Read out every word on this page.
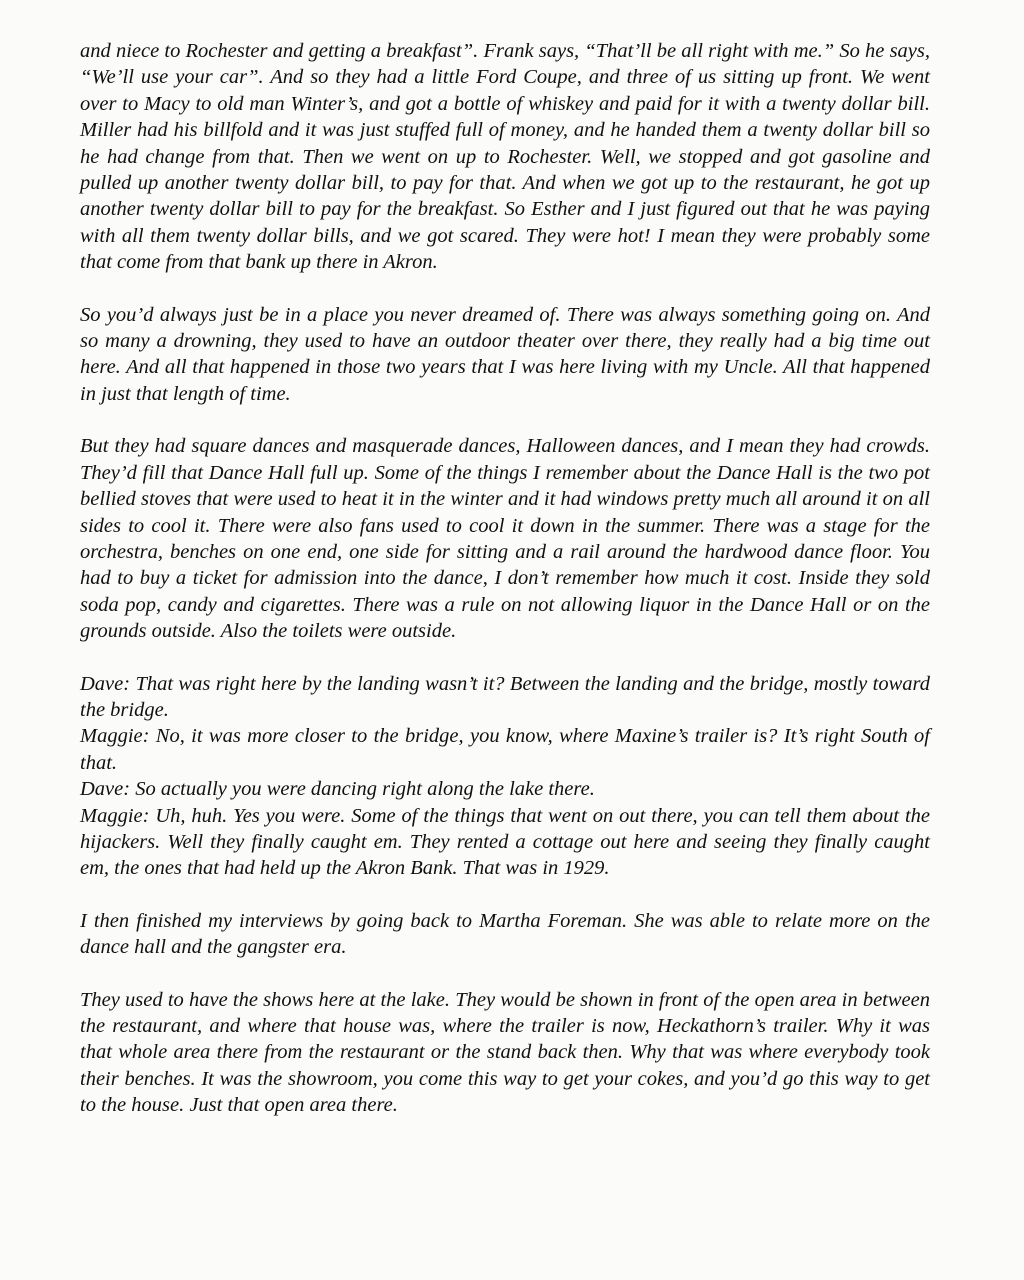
and niece to Rochester and getting a breakfast”. Frank says, “That’ll be all right with me.” So he says, “We’ll use your car”. And so they had a little Ford Coupe, and three of us sitting up front. We went over to Macy to old man Winter’s, and got a bottle of whiskey and paid for it with a twenty dollar bill. Miller had his billfold and it was just stuffed full of money, and he handed them a twenty dollar bill so he had change from that. Then we went on up to Rochester. Well, we stopped and got gasoline and pulled up another twenty dollar bill, to pay for that. And when we got up to the restaurant, he got up another twenty dollar bill to pay for the breakfast. So Esther and I just figured out that he was paying with all them twenty dollar bills, and we got scared. They were hot! I mean they were probably some that come from that bank up there in Akron.

So you’d always just be in a place you never dreamed of. There was always something going on. And so many a drowning, they used to have an outdoor theater over there, they really had a big time out here. And all that happened in those two years that I was here living with my Uncle. All that happened in just that length of time.

But they had square dances and masquerade dances, Halloween dances, and I mean they had crowds. They’d fill that Dance Hall full up. Some of the things I remember about the Dance Hall is the two pot bellied stoves that were used to heat it in the winter and it had windows pretty much all around it on all sides to cool it. There were also fans used to cool it down in the summer. There was a stage for the orchestra, benches on one end, one side for sitting and a rail around the hardwood dance floor. You had to buy a ticket for admission into the dance, I don’t remember how much it cost. Inside they sold soda pop, candy and cigarettes. There was a rule on not allowing liquor in the Dance Hall or on the grounds outside. Also the toilets were outside.

Dave: That was right here by the landing wasn’t it? Between the landing and the bridge, mostly toward the bridge.

Maggie: No, it was more closer to the bridge, you know, where Maxine’s trailer is? It’s right South of that.

Dave: So actually you were dancing right along the lake there.

Maggie: Uh, huh. Yes you were. Some of the things that went on out there, you can tell them about the hijackers. Well they finally caught em. They rented a cottage out here and seeing they finally caught em, the ones that had held up the Akron Bank. That was in 1929.

I then finished my interviews by going back to Martha Foreman. She was able to relate more on the dance hall and the gangster era.

They used to have the shows here at the lake. They would be shown in front of the open area in between the restaurant, and where that house was, where the trailer is now, Heckathorn’s trailer. Why it was that whole area there from the restaurant or the stand back then. Why that was where everybody took their benches. It was the showroom, you come this way to get your cokes, and you’d go this way to get to the house. Just that open area there.
